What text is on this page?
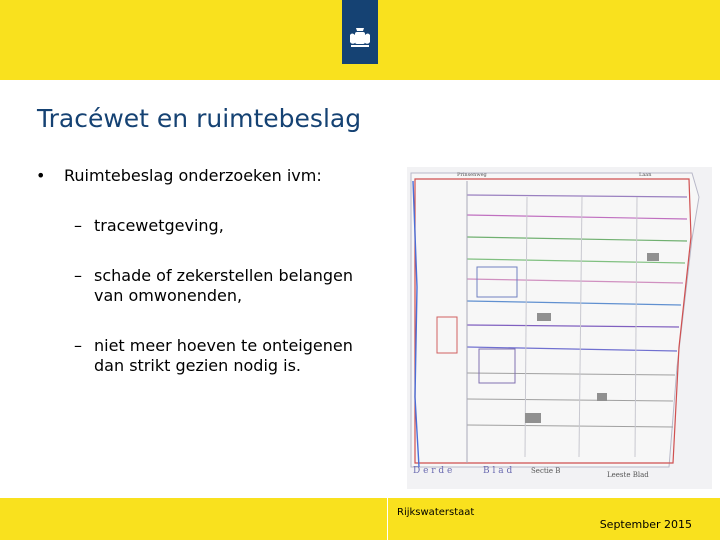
Tracéwet en ruimtebeslag
• Ruimtebeslag onderzoeken ivm:
– tracewetgeving,
– schade of zekerstellen belangen van omwonenden,
– niet meer hoeven te onteigenen dan strikt gezien nodig is.
Prinsenweg	Laan
D e r d e	B l a d	Sectie B	Leeste Blad
Rijkswaterstaat
September 2015
